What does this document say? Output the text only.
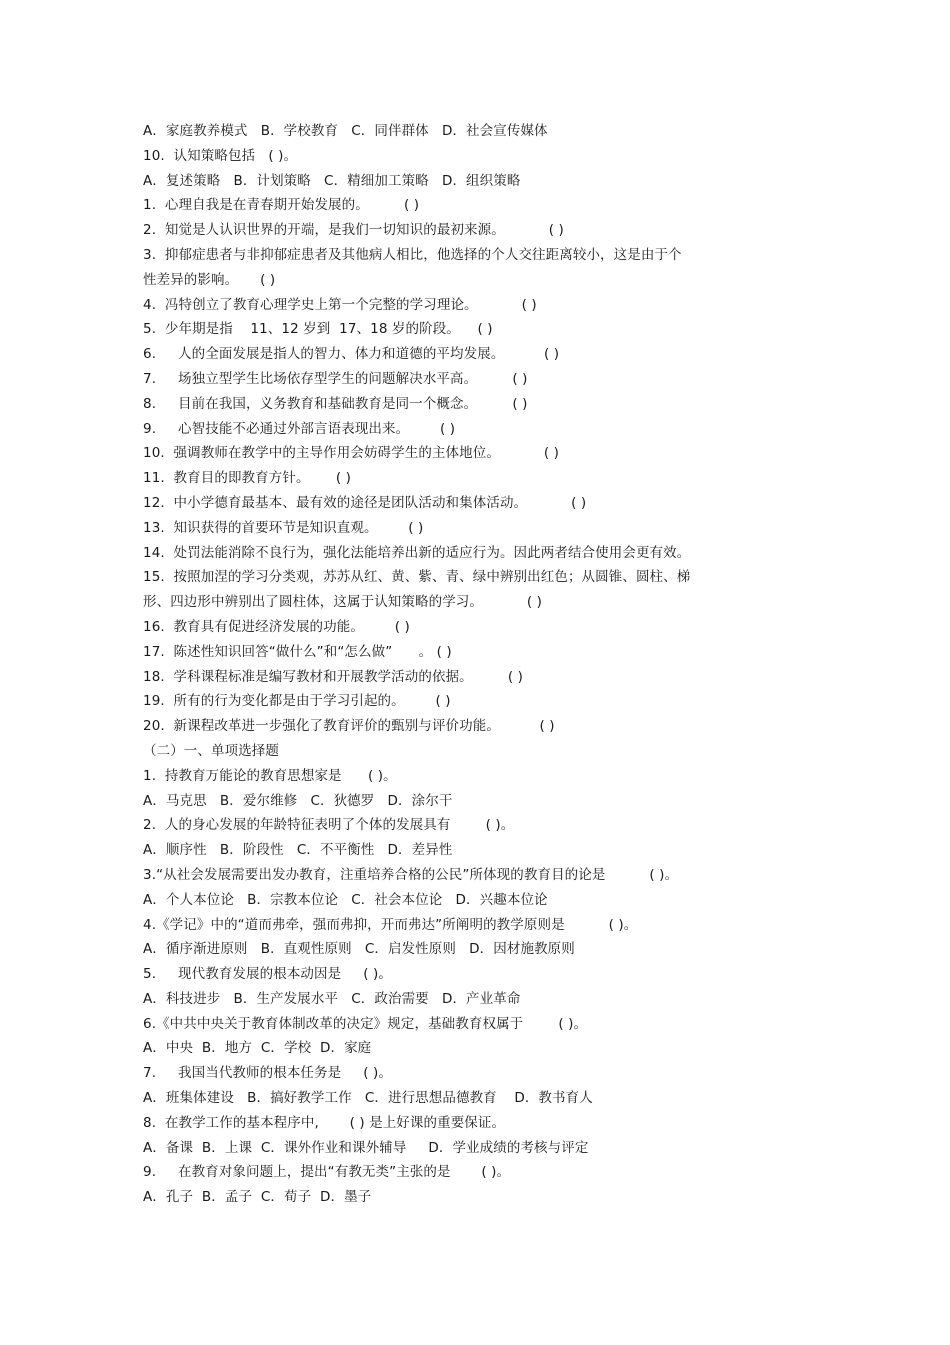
A．家庭教养模式   B．学校教育   C．同伴群体   D．社会宣传媒体
10.  认知策略包括   ( )。
A．复述策略   B．计划策略   C．精细加工策略   D．组织策略
1.  心理自我是在青春期开始发展的。        ( )
2.  知觉是人认识世界的开端，是我们一切知识的最初来源。          ( )
3.  抑郁症患者与非抑郁症患者及其他病人相比，他选择的个人交往距离较小，这是由于个
性差异的影响。     ( )
4.  冯特创立了教育心理学史上第一个完整的学习理论。          ( )
5.  少年期是指    11、12 岁到  17、18 岁的阶段。    ( )
6.     人的全面发展是指人的智力、体力和道德的平均发展。         ( )
7.     场独立型学生比场依存型学生的问题解决水平高。        ( )
8.     目前在我国，义务教育和基础教育是同一个概念。        ( )
9.     心智技能不必通过外部言语表现出来。       ( )
10.  强调教师在教学中的主导作用会妨碍学生的主体地位。          ( )
11.  教育目的即教育方针。      ( )
12.  中小学德育最基本、最有效的途径是团队活动和集体活动。          ( )
13.  知识获得的首要环节是知识直观。       ( )
14.  处罚法能消除不良行为，强化法能培养出新的适应行为。因此两者结合使用会更有效。
15.  按照加涅的学习分类观，苏苏从红、黄、紫、青、绿中辨别出红色；从圆锥、圆柱、梯
形、四边形中辨别出了圆柱体，这属于认知策略的学习。          ( )
16.  教育具有促进经济发展的功能。       ( )
17.  陈述性知识回答“做什么”和“怎么做”      。 ( )
18.  学科课程标准是编写教材和开展教学活动的依据。        ( )
19.  所有的行为变化都是由于学习引起的。       ( )
20.  新课程改革进一步强化了教育评价的甄别与评价功能。         ( )
（二）一、单项选择题
1.  持教育万能论的教育思想家是      ( )。
A．马克思   B．爱尔维修   C．狄德罗   D．涂尔干
2.  人的身心发展的年龄特征表明了个体的发展具有        ( )。
A．顺序性   B．阶段性   C．不平衡性   D．差异性
3.“从社会发展需要出发办教育，注重培养合格的公民”所体现的教育目的论是          ( )。
A．个人本位论   B．宗教本位论   C．社会本位论   D．兴趣本位论
4.《学记》中的“道而弗牵，强而弗抑，开而弗达”所阐明的教学原则是          ( )。
A．循序渐进原则   B．直观性原则   C．启发性原则   D．因材施教原则
5.     现代教育发展的根本动因是     ( )。
A．科技进步   B．生产发展水平   C．政治需要   D．产业革命
6.《中共中央关于教育体制改革的决定》规定，基础教育权属于        ( )。
A．中央  B．地方  C．学校  D．家庭
7.     我国当代教师的根本任务是     ( )。
A．班集体建设   B．搞好教学工作   C．进行思想品德教育    D．教书育人
8.  在教学工作的基本程序中,       ( ) 是上好课的重要保证。
A．备课  B．上课  C．课外作业和课外辅导     D．学业成绩的考核与评定
9.     在教育对象问题上，提出“有教无类”主张的是       ( )。
A．孔子  B．孟子  C．荀子  D．墨子
